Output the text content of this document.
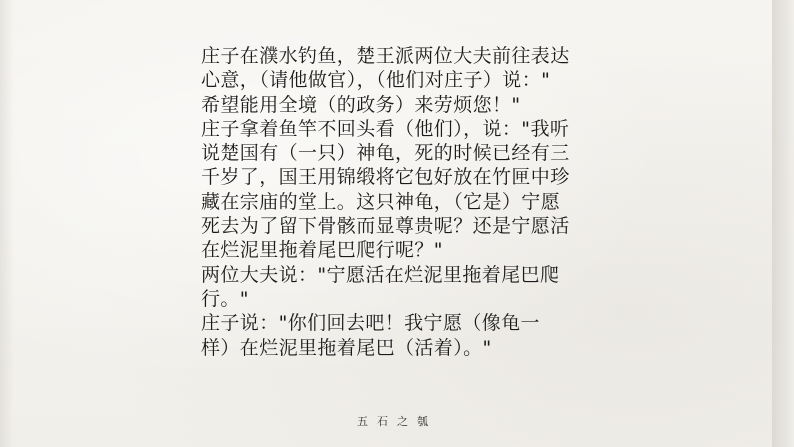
庄子在濮水钓鱼，楚王派两位大夫前往表达
心意，（请他做官），（他们对庄子）说："
希望能用全境（的政务）来劳烦您！"
庄子拿着鱼竿不回头看（他们），说："我听
说楚国有（一只）神龟，死的时候已经有三
千岁了，国王用锦缎将它包好放在竹匣中珍
藏在宗庙的堂上。这只神龟，（它是）宁愿
死去为了留下骨骸而显尊贵呢？还是宁愿活
在烂泥里拖着尾巴爬行呢？"
两位大夫说："宁愿活在烂泥里拖着尾巴爬
行。"
庄子说："你们回去吧！我宁愿（像龟一
样）在烂泥里拖着尾巴（活着）。"
五石之瓠
